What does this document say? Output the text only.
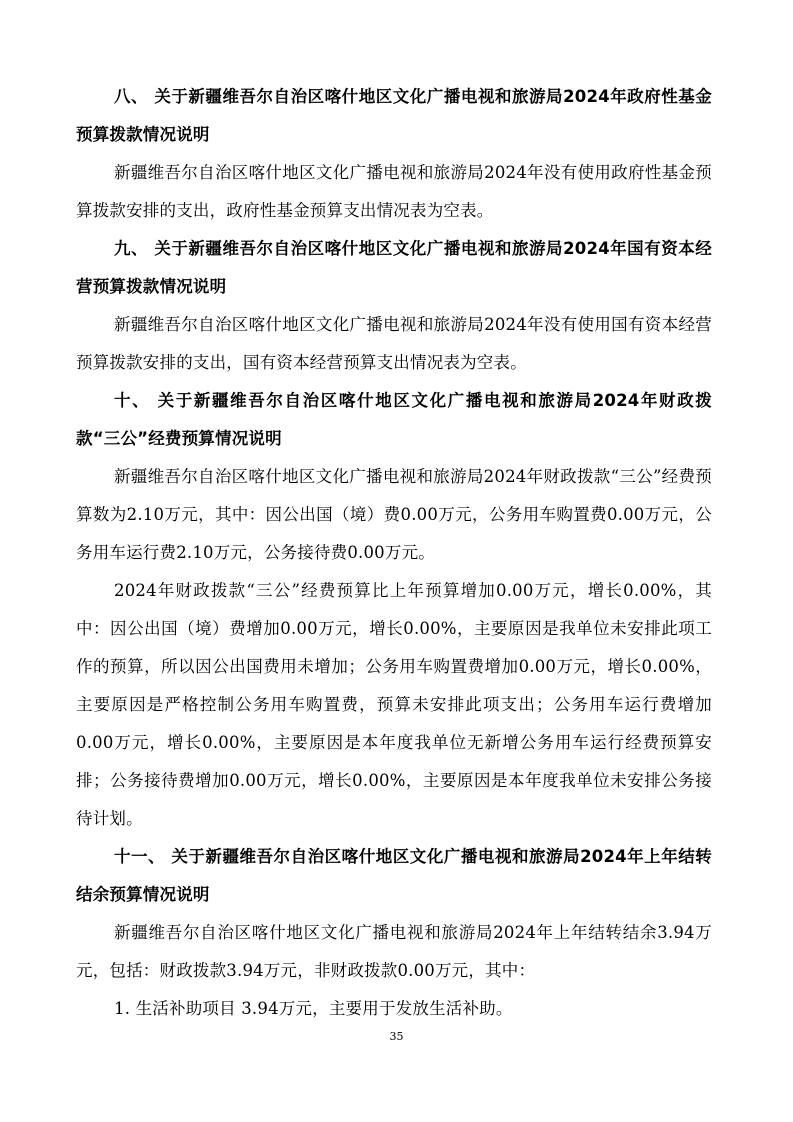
八、 关于新疆维吾尔自治区喀什地区文化广播电视和旅游局2024年政府性基金预算拨款情况说明

新疆维吾尔自治区喀什地区文化广播电视和旅游局2024年没有使用政府性基金预算拨款安排的支出，政府性基金预算支出情况表为空表。

九、 关于新疆维吾尔自治区喀什地区文化广播电视和旅游局2024年国有资本经营预算拨款情况说明

新疆维吾尔自治区喀什地区文化广播电视和旅游局2024年没有使用国有资本经营预算拨款安排的支出，国有资本经营预算支出情况表为空表。

十、 关于新疆维吾尔自治区喀什地区文化广播电视和旅游局2024年财政拨款“三公”经费预算情况说明

新疆维吾尔自治区喀什地区文化广播电视和旅游局2024年财政拨款“三公”经费预算数为2.10万元，其中：因公出国（境）费0.00万元，公务用车购置费0.00万元，公务用车运行费2.10万元，公务接待费0.00万元。

2024年财政拨款“三公”经费预算比上年预算增加0.00万元，增长0.00%，其中：因公出国（境）费增加0.00万元，增长0.00%，主要原因是我单位未安排此项工作的预算，所以因公出国费用未增加；公务用车购置费增加0.00万元，增长0.00%，主要原因是严格控制公务用车购置费，预算未安排此项支出；公务用车运行费增加0.00万元，增长0.00%，主要原因是本年度我单位无新增公务用车运行经费预算安排；公务接待费增加0.00万元，增长0.00%，主要原因是本年度我单位未安排公务接待计划。

十一、 关于新疆维吾尔自治区喀什地区文化广播电视和旅游局2024年上年结转结余预算情况说明

新疆维吾尔自治区喀什地区文化广播电视和旅游局2024年上年结转结余3.94万元，包括：财政拨款3.94万元，非财政拨款0.00万元，其中：

1. 生活补助项目 3.94万元，主要用于发放生活补助。

35
